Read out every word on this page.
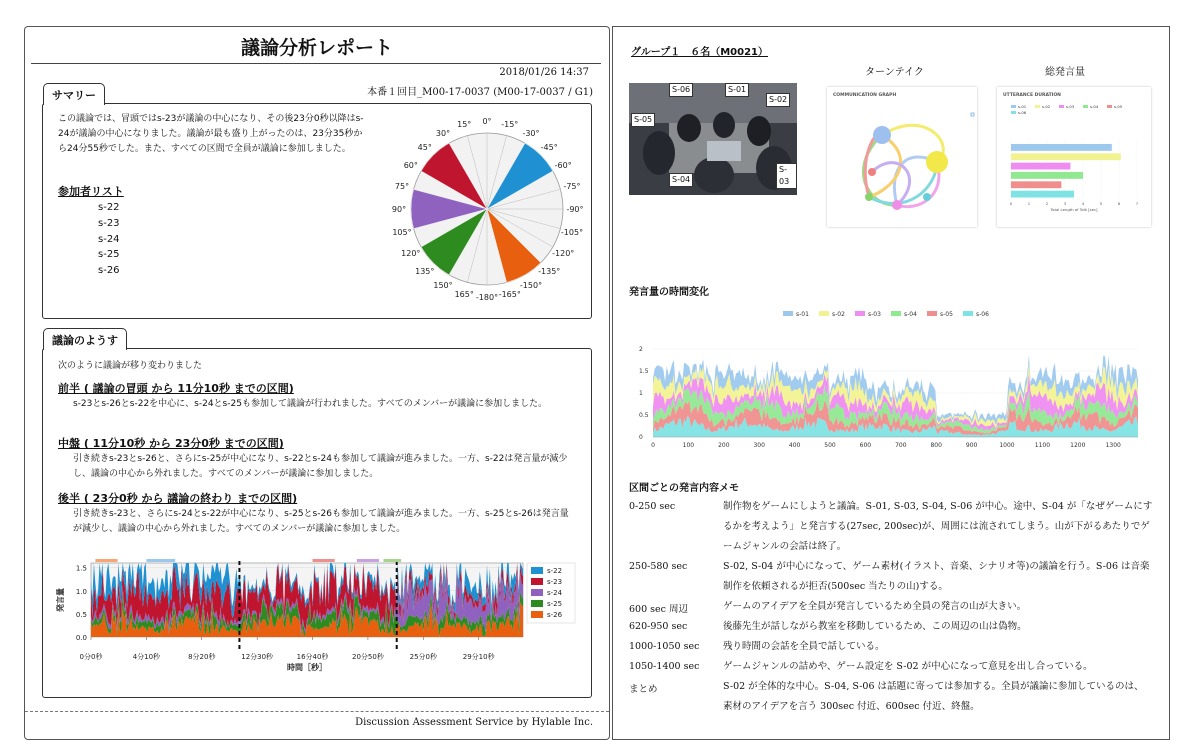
議論分析レポート
2018/01/26 14:37
本番１回目_M00-17-0037 (M00-17-0037 / G1)
サマリー
この議論では、冒頭ではs-23が議論の中心になり、その後23分0秒以降はs-24が議論の中心になりました。議論が最も盛り上がったのは、23分35秒から24分55秒でした。また、すべての区間で全員が議論に参加しました。
参加者リスト
s-22
s-23
s-24
s-25
s-26
0°
15°	-15°
30°	-30°
45°	-45°
60°	-60°
75°	-75°
90°	-90°
105°	-105°
120°	-120°
135°	-135°
150°	-150°
165°	-165°
-180°
議論のようす
次のように議論が移り変わりました
前半 ( 議論の冒頭 から 11分10秒 までの区間)
s-23とs-26とs-22を中心に、s-24とs-25も参加して議論が行われました。すべてのメンバーが議論に参加しました。
中盤 ( 11分10秒 から 23分0秒 までの区間)
引き続きs-23とs-26と、さらにs-25が中心になり、s-22とs-24も参加して議論が進みました。一方、s-22は発言量が減少し、議論の中心から外れました。すべてのメンバーが議論に参加しました。
後半 ( 23分0秒 から 議論の終わり までの区間)
引き続きs-23と、さらにs-24とs-22が中心になり、s-25とs-26も参加して議論が進みました。一方、s-25とs-26は発言量が減少し、議論の中心から外れました。すべてのメンバーが議論に参加しました。
0.0
0.5
1.0
1.5
0分0秒	4分10秒	8分20秒	12分30秒	16分40秒	20分50秒	25分0秒	29分10秒
時間［秒］
発言量
s-22
s-23
s-24
s-25
s-26
Discussion Assessment Service by Hylable Inc.
グループ１　６名（M0021）
S-06	S-01
S-02
S-05
S-03
S-04
ターンテイク	総発言量
COMMUNICATION GRAPH	UTTERANCE DURATION
s-01	s-02	s-03	s-04	s-05
s-06
0	1	2	3	4	5	6	7
Total Length of Talk [sec]
発言量の時間変化
s-01	s-02	s-03	s-04	s-05	s-06
0
0.5
1
1.5
2
0	100	200	300	400	500	600	700	800	900	1000	1100	1200	1300
区間ごとの発言内容メモ
0-250 sec	制作物をゲームにしようと議論。S-01, S-03, S-04, S-06 が中心。途中、S-04 が「なぜゲームにするかを考えよう」と発言する(27sec, 200sec)が、周囲には流されてしまう。山が下がるあたりでゲームジャンルの会話は終了。
250-580 sec	S-02, S-04 が中心になって、ゲーム素材(イラスト、音楽、シナリオ等)の議論を行う。S-06 は音楽制作を依頼されるが拒否(500sec 当たりの山)する。
600 sec 周辺	ゲームのアイデアを全員が発言しているため全員の発言の山が大きい。
620-950 sec	後藤先生が話しながら教室を移動しているため、この周辺の山は偽物。
1000-1050 sec 残り時間の会話を全員で話している。
1050-1400 sec ゲームジャンルの詰めや、ゲーム設定を S-02 が中心になって意見を出し合っている。
まとめ	S-02 が全体的な中心。S-04, S-06 は話題に寄っては参加する。全員が議論に参加しているのは、素材のアイデアを言う 300sec 付近、600sec 付近、終盤。
